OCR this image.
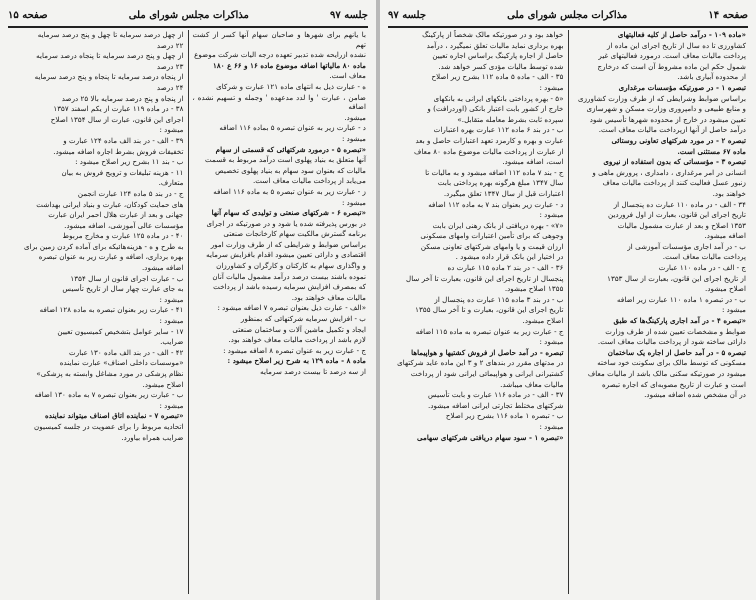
جلسه ۹۷
مذاکرات مجلس شورای ملی
صفحه ۱۵

با یانهم برای شهرها و صاحبان سهام آنها کسر از کشت تهم

نشده ازرایحه شده تدبیر تعهده درجه الیات شرکت موضوع

ماده ۸۰ مالیاتها اضافه موضوع ماده ۱۶ و ۶۶ ع ۱۸۰

معاف است.

ه - عبارت ذیل به انتهای ماده ۱۲۱ عبارت و شرکای

ضامن ، عبارت ' وا لدد مدعهده ' وجمله و تسهیم نشده ، اضافه

میشود.

د - عبارت زیر به عنوان تبصره ۵ بماده ۱۱۶ اضافه

میشود :

«تبصره ۵ - درمورد شرکتهائی که قسمتی از سهام

آنها متعلق به بنیاد پهلوی است درآمد مربوط به قسمت

مالیات که بعنوان سود سهام به بنیاد پهلوی تخصیص

می‌یابد از پرداخت مالیات معاف است.

ز - عبارت زیر به عنوان تبصره ۵ به ماده ۱۱۶ اضافه

میشود :

«تبصره ۶ - شرکتهای صنعتی و تولیدی که سهام آنها

در بورس پذیرفته شده یا شود و در صورتیکه در اجرای

برنامه گسترش مالکیت سهام کارخانجات صنعتی

براساس ضوابط و شرایطی که از طرف وزارت امور

اقتصادی و دارائی تعیین میشود اقدام بافزایش سرمایه

و واگذاری سهام به کارکنان و کارگران و کشاورزان

نموده باشند بیست درصد درآمد مشمول مالیات آنان

که بمصرف افزایش سرمایه رسیده باشد از پرداخت

مالیات معاف خواهند بود.

«الف - عبارت ذیل بعنوان تبصره ۷ اضافه میشود :

ب - افزایش سرمایه شرکتهائی که بمنظور

ایجاد و تکمیل ماشین آلات و ساختمان صنعتی

لازم باشد از پرداخت مالیات معاف خواهند بود.

ج - عبارت زیر به عنوان تبصره ۸ اضافه میشود :

ماده ۸ - ماده ۱۲۹ به شرح زیر اصلاح میشود :

از سه درصد تا بیست درصد سرمایه

از چهل درصد سرمایه تا چهل و پنج درصد سرمایه

۲۲ درصد

از چهل و پنج درصد سرمایه تا پنجاه درصد سرمایه

۲۳ درصد

از پنجاه درصد سرمایه تا پنجاه و پنج درصد سرمایه

۲۴ درصد

از پنجاه و پنج درصد سرمایه بالا ۲۵ درصد

۳۸ - در ماده ۱۱۹ عبارت از یکم اسفند ۱۳۵۷

اجرای این قانون، عبارت از سال ۱۳۵۴ اصلاح

میشود :

۳۹ - الف - در بند الف ماده ۱۲۴ عبارت و

تخفیفات فروش بشرط اجاره اضافه میشود.

ب - بند ۱۱ بشرح زیر اصلاح میشود :

۱۱ - هزینه تبلیغات و ترویج فروش به بیان

متعارف.

ج - در بند ۵ ماده ۱۲۴ عبارت انجمن

های حمایت کودکان، عبارت و بنیاد ایرانی بهداشت

جهانی و بعد از عبارت هلال احمر ایران عبارت

مؤسسات عالی آموزشی، اضافه میشود.

۴۰ - در ماده ۱۲۵ عبارت و مخارج مربوط

به طرح و ه - هزینه‌هائیکه برای آماده کردن زمین برای

بهره برداری، اضافه و عبارت زیر به عنوان تبصره

اضافه میشود.

ب - عبارت اجرای قانون از سال ۱۳۵۴

به جای عبارت چهار سال از تاریخ تأسیس

میشود :

۴۱ - عبارت زیر بعنوان تبصره به ماده ۱۲۸ اضافه

میشود :

۱۷ - سایر عوامل بتشخیص کمیسیون تعیین

ضرایب.

۴۲ - الف - در بند الف ماده ۱۳۰ عبارت

«موسسات داخلی اصناف» عبارت نماینده

نظام پزشکی در مورد مشاغل وابسته به پزشکی»

اصلاح میشود.

ب - عبارت زیر بعنوان تبصره ۷ به ماده ۱۳۰ اضافه

میشود :

«تبصره ۷ - نماینده اتاق اصناف میتواند نماینده

اتحادیه مربوط را برای عضویت در جلسه کمیسیون

ضرایب همراه بیاورد.

صفحه ۱۴
مذاکرات مجلس شورای ملی
جلسه ۹۷

«ماده ۱۰۹ - درآمد حاصل از کلیه فعالیتهای

کشاورزی تا ده سال از تاریخ اجرای این ماده از

پرداخت مالیات معاف است. درمورد فعالیتهای غیر

شمول حکم این ماده مشروط آن است که درخارج

از محدوده آبیاری باشد.

تبصره ۱ - در صورتیکه مؤسسات مرغداری

براساس ضوابط وشرایطی که از طرف وزارت کشاورزی

و منابع طبیعی و دامپروری وزارت مسکن و شهرسازی

تعیین میشود در خارج از محدوده شهرها تأسیس شود

درآمد حاصل از آنها ازپرداخت مالیات معاف است.

تبصره ۲ - در مورد شرکتهای تعاونی روستائی

ماده ۶۷ مستثنی است.

تبصره ۳ - مؤسساتی که بدون استفاده از نیروی

انسانی در امر مرغداری ، دامداری ، پرورش ماهی و

زنبور عسل فعالیت کنند از پرداخت مالیات معاف

خواهند بود.

۳۴ - الف - در ماده ۱۱۰ عبارت ده پنجسال از

تاریخ اجرای این قانون، بعبارت از اول فروردین

۱۳۵۳ اصلاح و بعد از عبارت مشمول مالیات

اضافه میشود.

ب - در آمد اجاری مؤسسات آموزشی از

پرداخت مالیات معاف است.

ج - الف - در ماده ۱۱۰ عبارت

از تاریخ اجرای این قانون، بعبارت از سال ۱۳۵۳

اصلاح میشود.

ب - در تبصره ۱ ماده ۱۱۰ عبارت زیر اضافه

میشود :

«تبصره ۴ - در آمد اجاری پارکینگ‌ها که طبق

ضوابط و مشخصات تعیین شده از طرف وزارت

دارائی ساخته شود از پرداخت مالیات معاف است.

تبصره ۵ - در آمد حاصل از اجاره یک ساختمان

مسکونی که توسط مالک برای سکونت خود ساخته

میشود در صورتیکه سکنی مالک باشد از مالیات معاف

است و عبارت از تاریخ مصوبه‌ای که اجاره تبصره

در آن مشخص شده اضافه میشود.

خواهد بود و در صورتیکه مالک شخصاً از پارکینگ

بهره برداری نماید مالیات تعلق نمیگیرد ، درآمد

حاصل از اجاره پارکینگ براساس اجاره تعیین

شده توسط مالیات مؤدی کسر خواهد شد.

۳۵ - الف - ماده ۵ ماده ۱۱۲ بشرح زیر اصلاح

میشود :

«۵ - بهره پرداختی بانکهای ایرانی به بانکهای

خارج از کشور بابت اعتبار بانکی (اوردرافت) و

سپرده ثابت بشرط معامله متقابل.»

ب - در بند ۶ ماده ۱۱۲ عبارت بهره اعتبارات

عبارت و بهره و کارمزد تعهد اعتبارات حاصل و بعد

از عبارت از پرداخت مالیات موضوع ماده ۸۰ معاف

است، اضافه میشود.

ج - بند ۷ ماده ۱۱۲ اضافه میشود و به مالیات تا

سال ۱۳۴۷ مبلغ هرگونه بهره پرداختی بابت

اعتبارات قبل از سال ۱۳۴۷ تعلق میگیرد.

د - عبارت زیر بعنوان بند ۷ به ماده ۱۱۲ اضافه

میشود :

«۷» - بهره دریافتی از بانک رهنی ایران بابت

وجوهی که برای تأمین اعتبارات وامهای مسکونی

ارزان قیمت و یا وامهای شرکتهای تعاونی مسکن

در اختیار این بانک قرار داده میشود .

۳۶ - الف - در بند ۲ ماده ۱۱۵ عبارت ده

پنجسال از تاریخ اجرای این قانون، بعبارت تا آخر سال

۱۳۵۵ اصلاح میشود.

ب - در بند ۳ ماده ۱۱۵ عبارت ده پنجسال از

تاریخ اجرای این قانون، بعبارت و تا آخر سال ۱۳۵۵

اصلاح میشود.

ج - عبارت زیر به عنوان تبصره به ماده ۱۱۵ اضافه

میشود :

تبصره - در آمد حاصل از فروش کشتیها و هواپیماها

در مدتهای مقرر در بندهای ۲ و ۳ این ماده عاید شرکتهای

کشتیرانی ایرانی و هواپیمائی ایرانی شود از پرداخت

مالیات معاف میباشد.

۳۷ - الف - در ماده ۱۱۶ عبارت و بابت تأسیس

شرکتهای مختلط تجارتی ایرانی اضافه میشود.

ب - تبصره ۱ ماده ۱۱۶ بشرح زیر اصلاح

میشود :

«تبصره ۱ - سود سهام دریافتی شرکتهای سهامی
